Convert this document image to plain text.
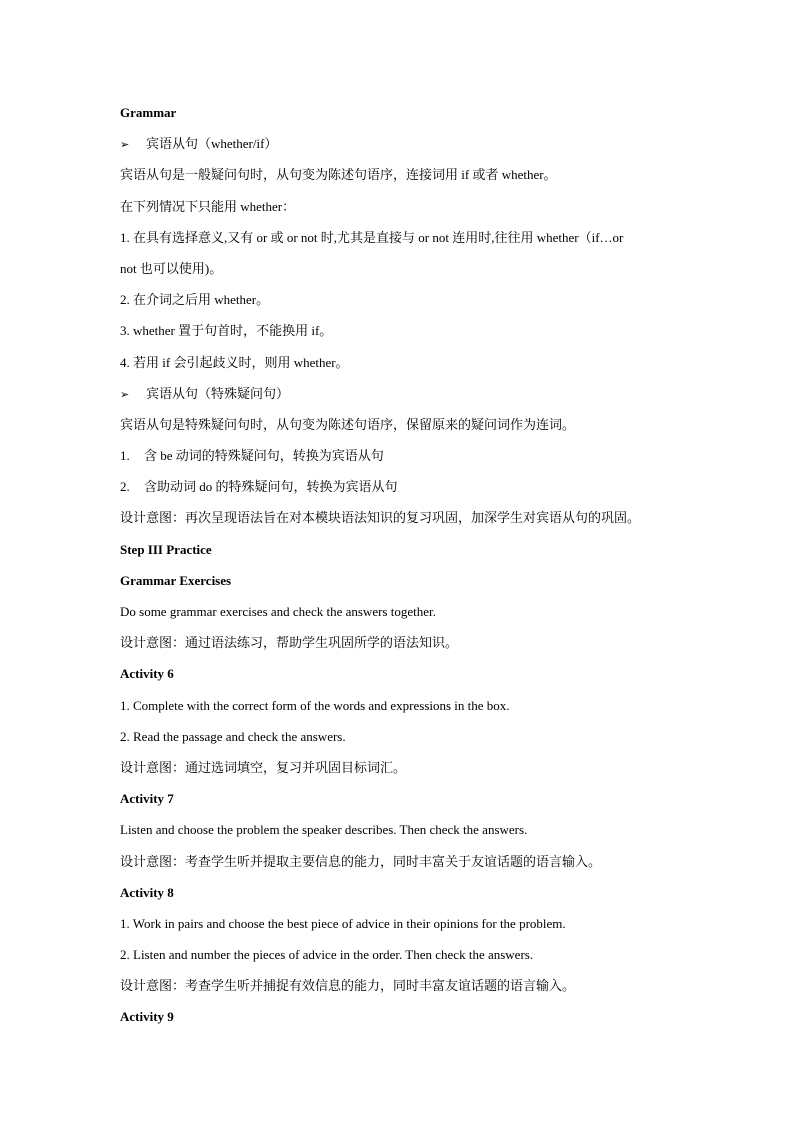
Grammar
➢ 宾语从句（whether/if）
宾语从句是一般疑问句时，从句变为陈述句语序，连接词用 if 或者 whether。
在下列情况下只能用 whether：
1. 在具有选择意义,又有 or 或 or not 时,尤其是直接与 or not 连用时,往往用 whether（if…or
not 也可以使用)。
2. 在介词之后用 whether。
3. whether 置于句首时，不能换用 if。
4. 若用 if 会引起歧义时，则用 whether。
➢ 宾语从句（特殊疑问句）
宾语从句是特殊疑问句时，从句变为陈述句语序，保留原来的疑问词作为连词。
1. 含 be 动词的特殊疑问句，转换为宾语从句
2. 含助动词 do 的特殊疑问句，转换为宾语从句
设计意图：再次呈现语法旨在对本模块语法知识的复习巩固，加深学生对宾语从句的巩固。
Step III Practice
Grammar Exercises
Do some grammar exercises and check the answers together.
设计意图：通过语法练习，帮助学生巩固所学的语法知识。
Activity 6
1. Complete with the correct form of the words and expressions in the box.
2. Read the passage and check the answers.
设计意图：通过选词填空，复习并巩固目标词汇。
Activity 7
Listen and choose the problem the speaker describes. Then check the answers.
设计意图：考查学生听并提取主要信息的能力，同时丰富关于友谊话题的语言输入。
Activity 8
1. Work in pairs and choose the best piece of advice in their opinions for the problem.
2. Listen and number the pieces of advice in the order. Then check the answers.
设计意图：考查学生听并捕捉有效信息的能力，同时丰富友谊话题的语言输入。
Activity 9
